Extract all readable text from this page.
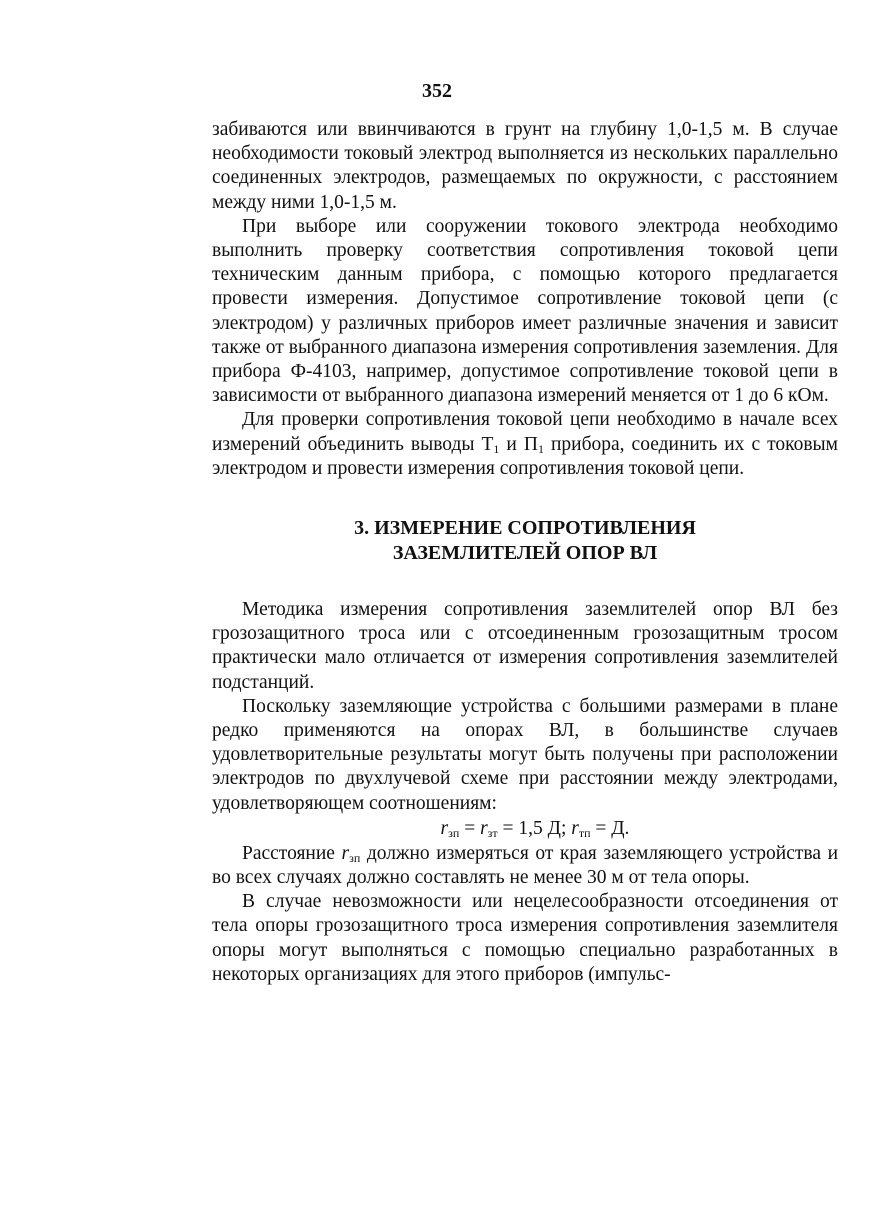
352

забиваются или ввинчиваются в грунт на глубину 1,0-1,5 м. В случае необходимости токовый электрод выполняется из нескольких параллельно соединенных электродов, размещаемых по окружности, с расстоянием между ними 1,0-1,5 м.

При выборе или сооружении токового электрода необходимо выполнить проверку соответствия сопротивления токовой цепи техническим данным прибора, с помощью которого предлагается провести измерения. Допустимое сопротивление токовой цепи (с электродом) у различных приборов имеет различные значения и зависит также от выбранного диапазона измерения сопротивления заземления. Для прибора Ф-4103, например, допустимое сопротивление токовой цепи в зависимости от выбранного диапазона измерений меняется от 1 до 6 кОм.

Для проверки сопротивления токовой цепи необходимо в начале всех измерений объединить выводы $Т_1$ и $П_1$ прибора, соединить их с токовым электродом и провести измерения сопротивления токовой цепи.

3. ИЗМЕРЕНИЕ СОПРОТИВЛЕНИЯ
ЗАЗЕМЛИТЕЛЕЙ ОПОР ВЛ

Методика измерения сопротивления заземлителей опор ВЛ без грозозащитного троса или с отсоединенным грозозащитным тросом практически мало отличается от измерения сопротивления заземлителей подстанций.

Поскольку заземляющие устройства с большими размерами в плане редко применяются на опорах ВЛ, в большинстве случаев удовлетворительные результаты могут быть получены при расположении электродов по двухлучевой схеме при расстоянии между электродами, удовлетворяющем соотношениям:

$r_{зп} = r_{зт} = 1,5$ Д; $r_{тп} = Д$.

Расстояние $r_{зп}$ должно измеряться от края заземляющего устройства и во всех случаях должно составлять не менее 30 м от тела опоры.

В случае невозможности или нецелесообразности отсоединения от тела опоры грозозащитного троса измерения сопротивления заземлителя опоры могут выполняться с помощью специально разработанных в некоторых организациях для этого приборов (импульс-
